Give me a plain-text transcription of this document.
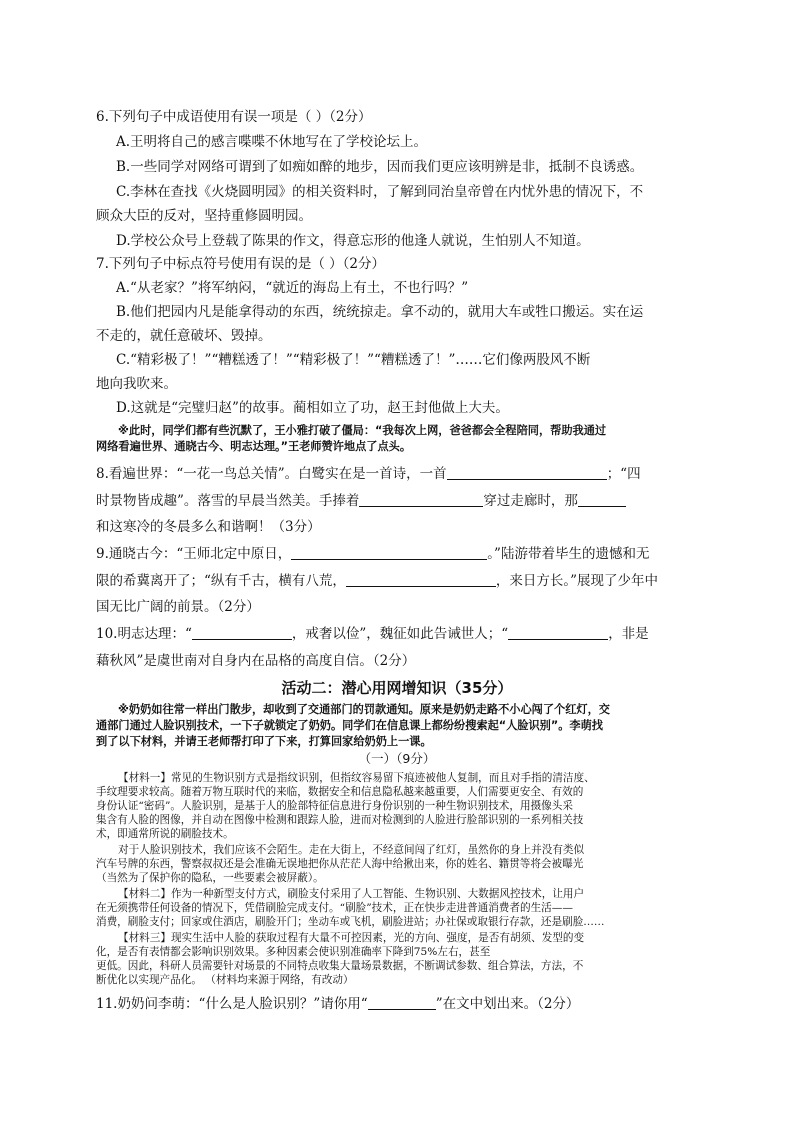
6.下列句子中成语使用有误一项是（ ）（2分）
A.王明将自己的感言喋喋不休地写在了学校论坛上。
B.一些同学对网络可谓到了如痴如醉的地步，因而我们更应该明辨是非，抵制不良诱惑。
C.李林在查找《火烧圆明园》的相关资料时，了解到同治皇帝曾在内忧外患的情况下，不
顾众大臣的反对，坚持重修圆明园。
D.学校公众号上登载了陈果的作文，得意忘形的他逢人就说，生怕别人不知道。
7.下列句子中标点符号使用有误的是（ ）（2分）
A.“从老家？”将军纳闷，“就近的海岛上有土，不也行吗？”
B.他们把园内凡是能拿得动的东西，统统掠走。拿不动的，就用大车或牲口搬运。实在运
不走的，就任意破坏、毁掉。
C.“精彩极了！”“糟糕透了！”“精彩极了！”“糟糕透了！”……它们像两股风不断
地向我吹来。
D.这就是“完璧归赵”的故事。蔺相如立了功，赵王封他做上大夫。
※此时，同学们都有些沉默了，王小雅打破了僵局：“我每次上网，爸爸都会全程陪同，帮助我通过
网络看遍世界、通晓古今、明志达理。”王老师赞许地点了点头。
8.看遍世界：“一花一鸟总关情”。白鹭实在是一首诗，一首	；“四
时景物皆成趣”。落雪的早晨当然美。手捧着	穿过走廊时，那
和这寒冷的冬晨多么和谐啊！（3分）
9.通晓古今：“王师北定中原日，	。”陆游带着毕生的遗憾和无
限的希冀离开了；“纵有千古，横有八荒，	，来日方长。”展现了少年中
国无比广阔的前景。（2分）
10.明志达理：“	，戒奢以俭”，魏征如此告诫世人；“	，非是
藉秋风”是虞世南对自身内在品格的高度自信。（2分）
活动二：潜心用网增知识（35分）
※奶奶如往常一样出门散步，却收到了交通部门的罚款通知。原来是奶奶走路不小心闯了个红灯，交
通部门通过人脸识别技术，一下子就锁定了奶奶。同学们在信息课上都纷纷搜索起“人脸识别”。李萌找
到了以下材料，并请王老师帮打印了下来，打算回家给奶奶上一课。
（一）（9分）
【材料一】常见的生物识别方式是指纹识别，但指纹容易留下痕迹被他人复制，而且对手指的清洁度、
手纹理要求较高。随着万物互联时代的来临，数据安全和信息隐私越来越重要，人们需要更安全、有效的
身份认证“密码”。人脸识别，是基于人的脸部特征信息进行身份识别的一种生物识别技术，用摄像头采
集含有人脸的图像，并自动在图像中检测和跟踪人脸，进而对检测到的人脸进行脸部识别的一系列相关技
术，即通常所说的刷脸技术。
对于人脸识别技术，我们应该不会陌生。走在大街上，不经意间闯了红灯，虽然你的身上并没有类似
汽车号牌的东西，警察叔叔还是会准确无误地把你从茫茫人海中给揪出来，你的姓名、籍贯等将会被曝光
（当然为了保护你的隐私，一些要素会被屏蔽）。
【材料二】作为一种新型支付方式，刷脸支付采用了人工智能、生物识别、大数据风控技术，让用户
在无须携带任何设备的情况下，凭借刷脸完成支付。“刷脸”技术，正在快步走进普通消费者的生活——
消费，刷脸支付；回家或住酒店，刷脸开门；坐动车或飞机，刷脸进站；办社保或取银行存款，还是刷脸……
【材料三】现实生活中人脸的获取过程有大量不可控因素，光的方向、强度，是否有胡须、发型的变
化，是否有表情都会影响识别效果。多种因素会使识别准确率下降到75%左右，甚至
更低。因此，科研人员需要针对场景的不同特点收集大量场景数据，不断调试参数、组合算法，方法，不
断优化以实现产品化。 （材料均来源于网络，有改动）
11.奶奶问李萌：“什么是人脸识别？”请你用“	”在文中划出来。（2分）
